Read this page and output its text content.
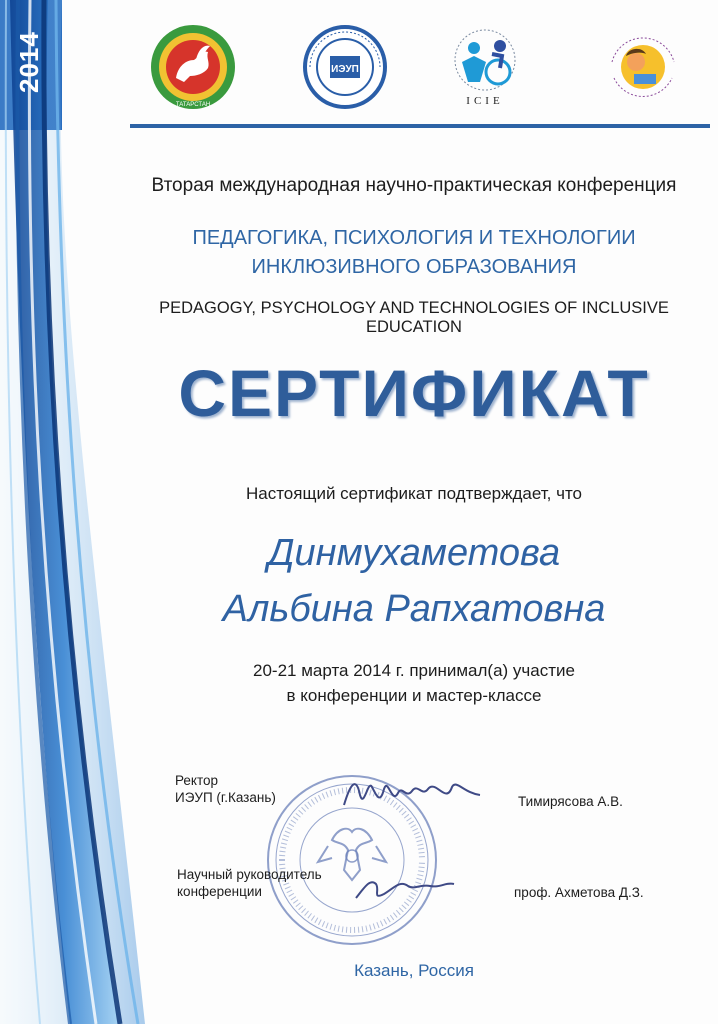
2014
ТАТАРСТАН
ИЭУП
ICIE
Вторая международная научно-практическая конференция
ПЕДАГОГИКА, ПСИХОЛОГИЯ И ТЕХНОЛОГИИ
ИНКЛЮЗИВНОГО ОБРАЗОВАНИЯ
PEDAGOGY, PSYCHOLOGY AND TECHNOLOGIES OF INCLUSIVE EDUCATION
СЕРТИФИКАТ
Настоящий сертификат подтверждает, что
Динмухаметова
Альбина Рапхатовна
20-21 марта 2014 г. принимал(а) участие
в конференции и мастер-классе
Ректор
ИЭУП (г.Казань)	Тимирясова А.В.
Научный руководитель
конференции	проф. Ахметова Д.З.
Казань, Россия
